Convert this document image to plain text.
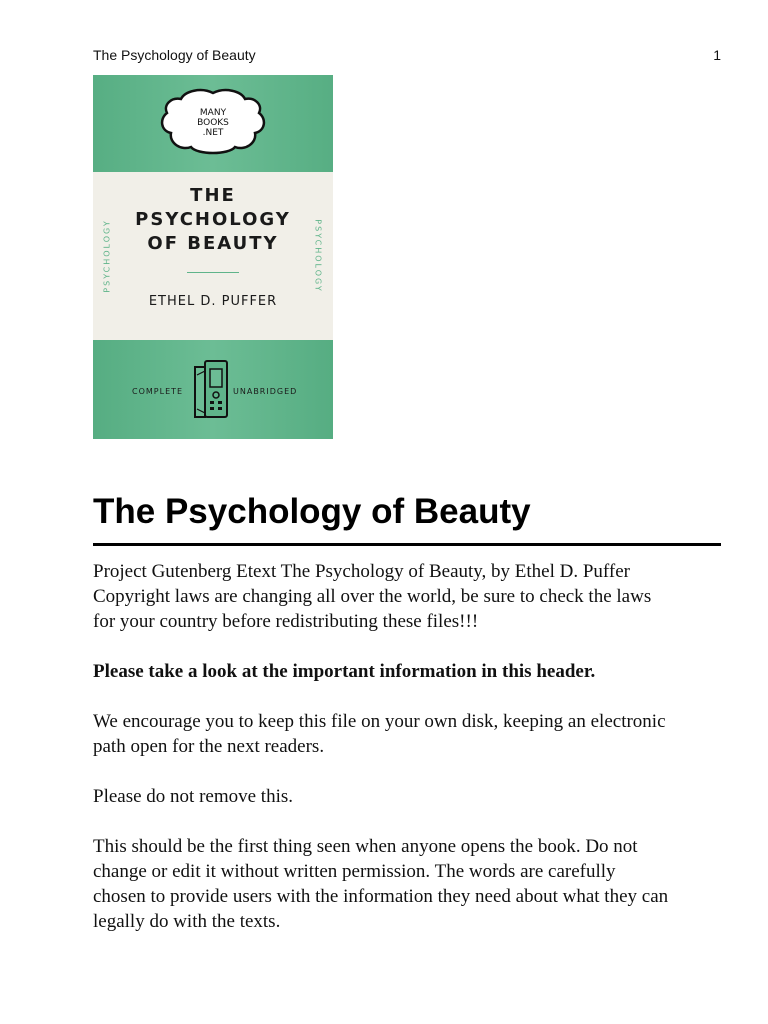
The Psychology of Beauty	1
MANY
BOOKS
.NET
THE
PSYCHOLOGY
OF BEAUTY
ETHEL D. PUFFER
PSYCHOLOGY	PSYCHOLOGY
COMPLETE	UNABRIDGED
The Psychology of Beauty

Project Gutenberg Etext The Psychology of Beauty, by Ethel D. Puffer
Copyright laws are changing all over the world, be sure to check the laws
for your country before redistributing these files!!!

Please take a look at the important information in this header.

We encourage you to keep this file on your own disk, keeping an electronic
path open for the next readers.

Please do not remove this.

This should be the first thing seen when anyone opens the book. Do not
change or edit it without written permission. The words are carefully
chosen to provide users with the information they need about what they can
legally do with the texts.
